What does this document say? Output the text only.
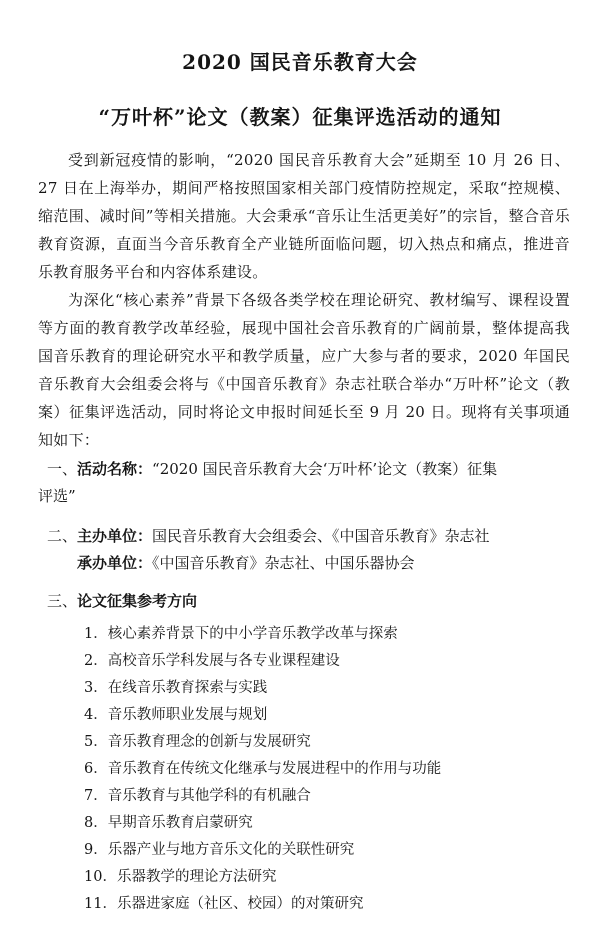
2020 国民音乐教育大会
“万叶杯”论文（教案）征集评选活动的通知

受到新冠疫情的影响，“2020 国民音乐教育大会”延期至 10 月 26 日、27 日在上海举办，期间严格按照国家相关部门疫情防控规定，采取“控规模、缩范围、减时间”等相关措施。大会秉承“音乐让生活更美好”的宗旨，整合音乐教育资源，直面当今音乐教育全产业链所面临问题，切入热点和痛点，推进音乐教育服务平台和内容体系建设。

为深化“核心素养”背景下各级各类学校在理论研究、教材编写、课程设置等方面的教育教学改革经验，展现中国社会音乐教育的广阔前景，整体提高我国音乐教育的理论研究水平和教学质量，应广大参与者的要求，2020 年国民音乐教育大会组委会将与《中国音乐教育》杂志社联合举办“万叶杯”论文（教案）征集评选活动，同时将论文申报时间延长至 9 月 20 日。现将有关事项通知如下：

一、活动名称：“2020 国民音乐教育大会‘万叶杯’论文（教案）征集
评选”
二、主办单位：国民音乐教育大会组委会、《中国音乐教育》杂志社
承办单位：《中国音乐教育》杂志社、中国乐器协会
三、论文征集参考方向
1．核心素养背景下的中小学音乐教学改革与探索
2．高校音乐学科发展与各专业课程建设
3．在线音乐教育探索与实践
4．音乐教师职业发展与规划
5．音乐教育理念的创新与发展研究
6．音乐教育在传统文化继承与发展进程中的作用与功能
7．音乐教育与其他学科的有机融合
8．早期音乐教育启蒙研究
9．乐器产业与地方音乐文化的关联性研究
10．乐器教学的理论方法研究
11．乐器进家庭（社区、校园）的对策研究
